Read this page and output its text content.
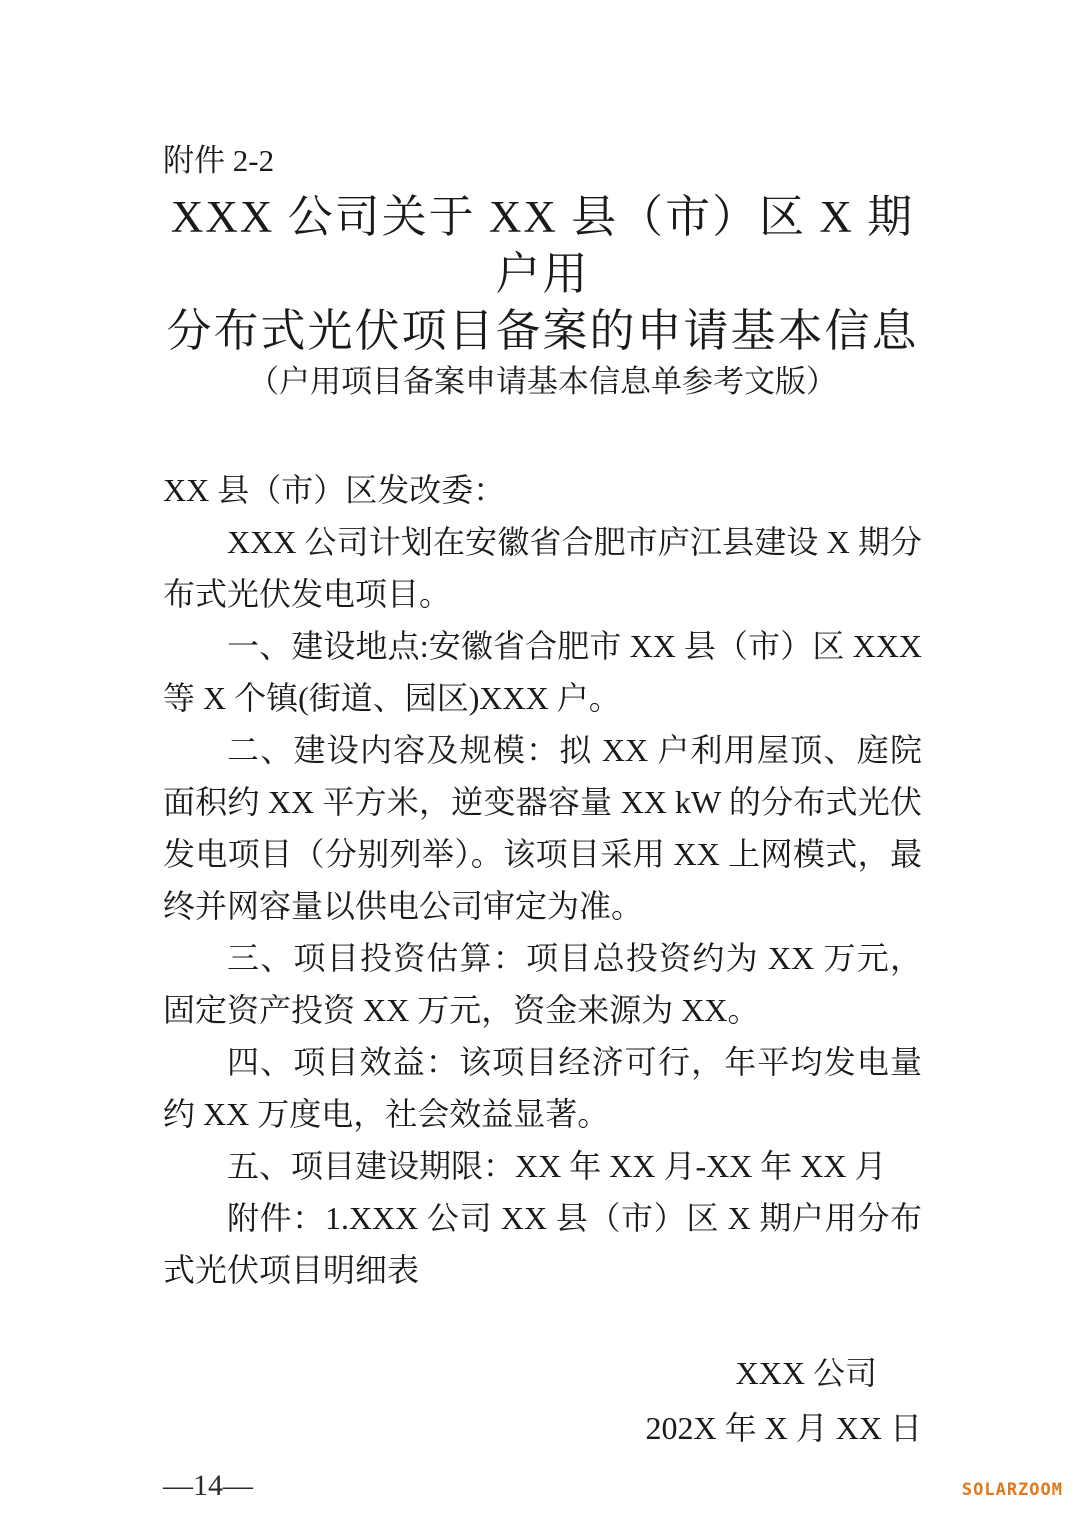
附件 2-2
XXX 公司关于 XX 县（市）区 X 期户用
分布式光伏项目备案的申请基本信息
（户用项目备案申请基本信息单参考文版）
XX 县（市）区发改委：

XXX 公司计划在安徽省合肥市庐江县建设 X 期分布式光伏发电项目。

一、建设地点:安徽省合肥市 XX 县（市）区 XXX 等 X 个镇(街道、园区)XXX 户。

二、建设内容及规模：拟 XX 户利用屋顶、庭院面积约 XX 平方米，逆变器容量 XX kW 的分布式光伏发电项目（分别列举）。该项目采用 XX 上网模式，最终并网容量以供电公司审定为准。

三、项目投资估算：项目总投资约为 XX 万元，固定资产投资 XX 万元，资金来源为 XX。

四、项目效益：该项目经济可行，年平均发电量约 XX 万度电，社会效益显著。

五、项目建设期限：XX 年 XX 月-XX 年 XX 月

附件：1.XXX 公司 XX 县（市）区 X 期户用分布式光伏项目明细表

XXX 公司
202X 年 X 月 XX 日
—14—	SOLARZOOM
